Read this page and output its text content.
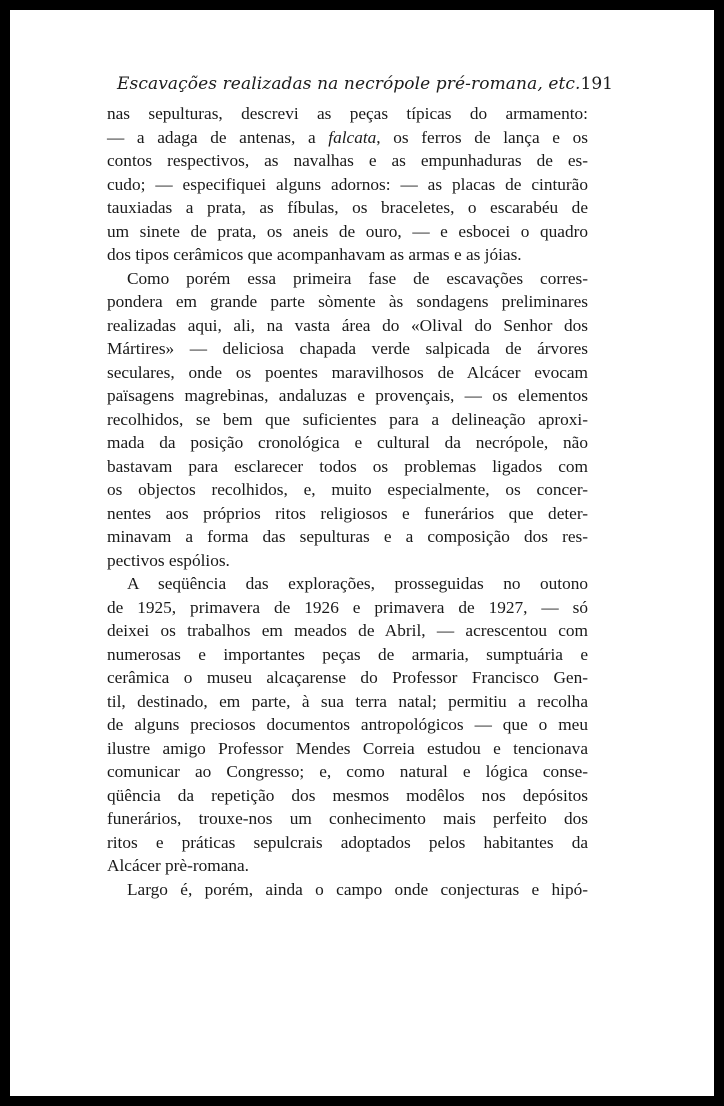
Escavações realizadas na necrópole pré-romana, etc. 191
nas sepulturas, descrevi as peças típicas do armamento:
— a adaga de antenas, a falcata, os ferros de lança e os
contos respectivos, as navalhas e as empunhaduras de es-
cudo; — especifiquei alguns adornos: — as placas de cinturão
tauxiadas a prata, as fíbulas, os braceletes, o escarabéu de
um sinete de prata, os aneis de ouro, — e esbocei o quadro
dos tipos cerâmicos que acompanhavam as armas e as jóias.
Como porém essa primeira fase de escavações corres-
pondera em grande parte sòmente às sondagens preliminares
realizadas aqui, ali, na vasta área do «Olival do Senhor dos
Mártires» — deliciosa chapada verde salpicada de árvores
seculares, onde os poentes maravilhosos de Alcácer evocam
païsagens magrebinas, andaluzas e provençais, — os elementos
recolhidos, se bem que suficientes para a delineação aproxi-
mada da posição cronológica e cultural da necrópole, não
bastavam para esclarecer todos os problemas ligados com
os objectos recolhidos, e, muito especialmente, os concer-
nentes aos próprios ritos religiosos e funerários que deter-
minavam a forma das sepulturas e a composição dos res-
pectivos espólios.
A seqüência das explorações, prosseguidas no outono
de 1925, primavera de 1926 e primavera de 1927, — só
deixei os trabalhos em meados de Abril, — acrescentou com
numerosas e importantes peças de armaria, sumptuária e
cerâmica o museu alcaçarense do Professor Francisco Gen-
til, destinado, em parte, à sua terra natal; permitiu a recolha
de alguns preciosos documentos antropológicos — que o meu
ilustre amigo Professor Mendes Correia estudou e tencionava
comunicar ao Congresso; e, como natural e lógica conse-
qüência da repetição dos mesmos modêlos nos depósitos
funerários, trouxe-nos um conhecimento mais perfeito dos
ritos e práticas sepulcrais adoptados pelos habitantes da
Alcácer prè-romana.
Largo é, porém, ainda o campo onde conjecturas e hipó-
